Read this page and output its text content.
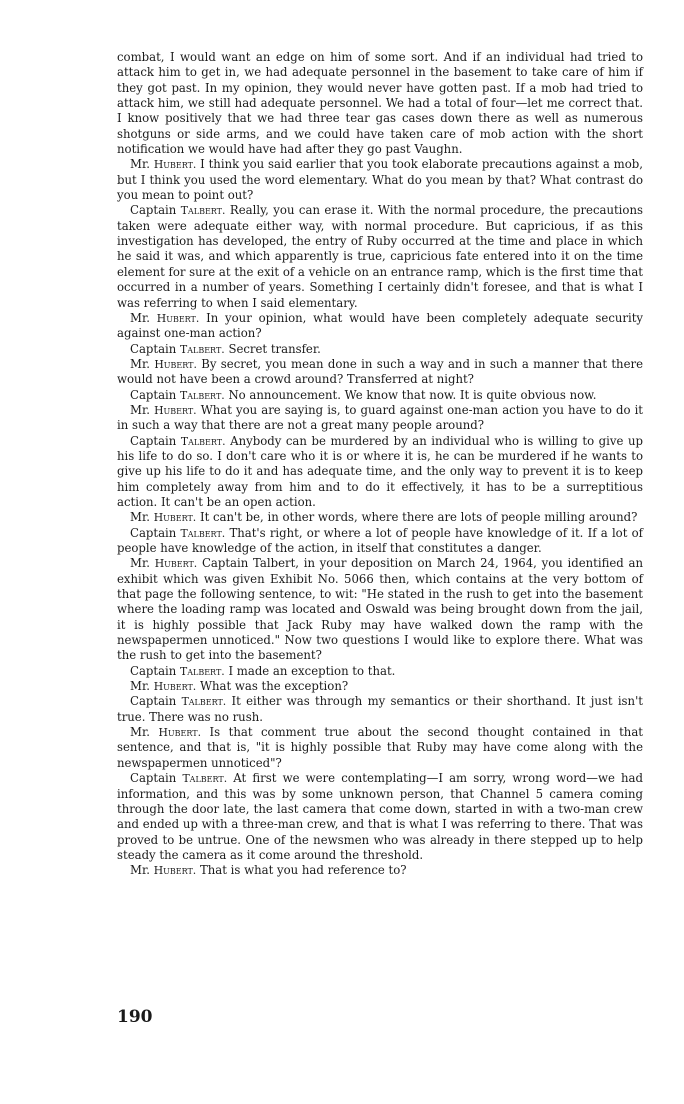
combat, I would want an edge on him of some sort. And if an individual had tried to attack him to get in, we had adequate personnel in the basement to take care of him if they got past. In my opinion, they would never have gotten past. If a mob had tried to attack him, we still had adequate personnel. We had a total of four—let me correct that. I know positively that we had three tear gas cases down there as well as numerous shotguns or side arms, and we could have taken care of mob action with the short notification we would have had after they go past Vaughn.

Mr. Hubert. I think you said earlier that you took elaborate precautions against a mob, but I think you used the word elementary. What do you mean by that? What contrast do you mean to point out?

Captain Talbert. Really, you can erase it. With the normal procedure, the precautions taken were adequate either way, with normal procedure. But capricious, if as this investigation has developed, the entry of Ruby occurred at the time and place in which he said it was, and which apparently is true, capricious fate entered into it on the time element for sure at the exit of a vehicle on an entrance ramp, which is the first time that occurred in a number of years. Something I certainly didn't foresee, and that is what I was referring to when I said elementary.

Mr. Hubert. In your opinion, what would have been completely adequate security against one-man action?

Captain Talbert. Secret transfer.

Mr. Hubert. By secret, you mean done in such a way and in such a manner that there would not have been a crowd around? Transferred at night?

Captain Talbert. No announcement. We know that now. It is quite obvious now.

Mr. Hubert. What you are saying is, to guard against one-man action you have to do it in such a way that there are not a great many people around?

Captain Talbert. Anybody can be murdered by an individual who is willing to give up his life to do so. I don't care who it is or where it is, he can be murdered if he wants to give up his life to do it and has adequate time, and the only way to prevent it is to keep him completely away from him and to do it effectively, it has to be a surreptitious action. It can't be an open action.

Mr. Hubert. It can't be, in other words, where there are lots of people milling around?

Captain Talbert. That's right, or where a lot of people have knowledge of it. If a lot of people have knowledge of the action, in itself that constitutes a danger.

Mr. Hubert. Captain Talbert, in your deposition on March 24, 1964, you identified an exhibit which was given Exhibit No. 5066 then, which contains at the very bottom of that page the following sentence, to wit: "He stated in the rush to get into the basement where the loading ramp was located and Oswald was being brought down from the jail, it is highly possible that Jack Ruby may have walked down the ramp with the newspapermen unnoticed." Now two questions I would like to explore there. What was the rush to get into the basement?

Captain Talbert. I made an exception to that.

Mr. Hubert. What was the exception?

Captain Talbert. It either was through my semantics or their shorthand. It just isn't true. There was no rush.

Mr. Hubert. Is that comment true about the second thought contained in that sentence, and that is, "it is highly possible that Ruby may have come along with the newspapermen unnoticed"?

Captain Talbert. At first we were contemplating—I am sorry, wrong word—we had information, and this was by some unknown person, that Channel 5 camera coming through the door late, the last camera that come down, started in with a two-man crew and ended up with a three-man crew, and that is what I was referring to there. That was proved to be untrue. One of the newsmen who was already in there stepped up to help steady the camera as it come around the threshold.

Mr. Hubert. That is what you had reference to?

190
